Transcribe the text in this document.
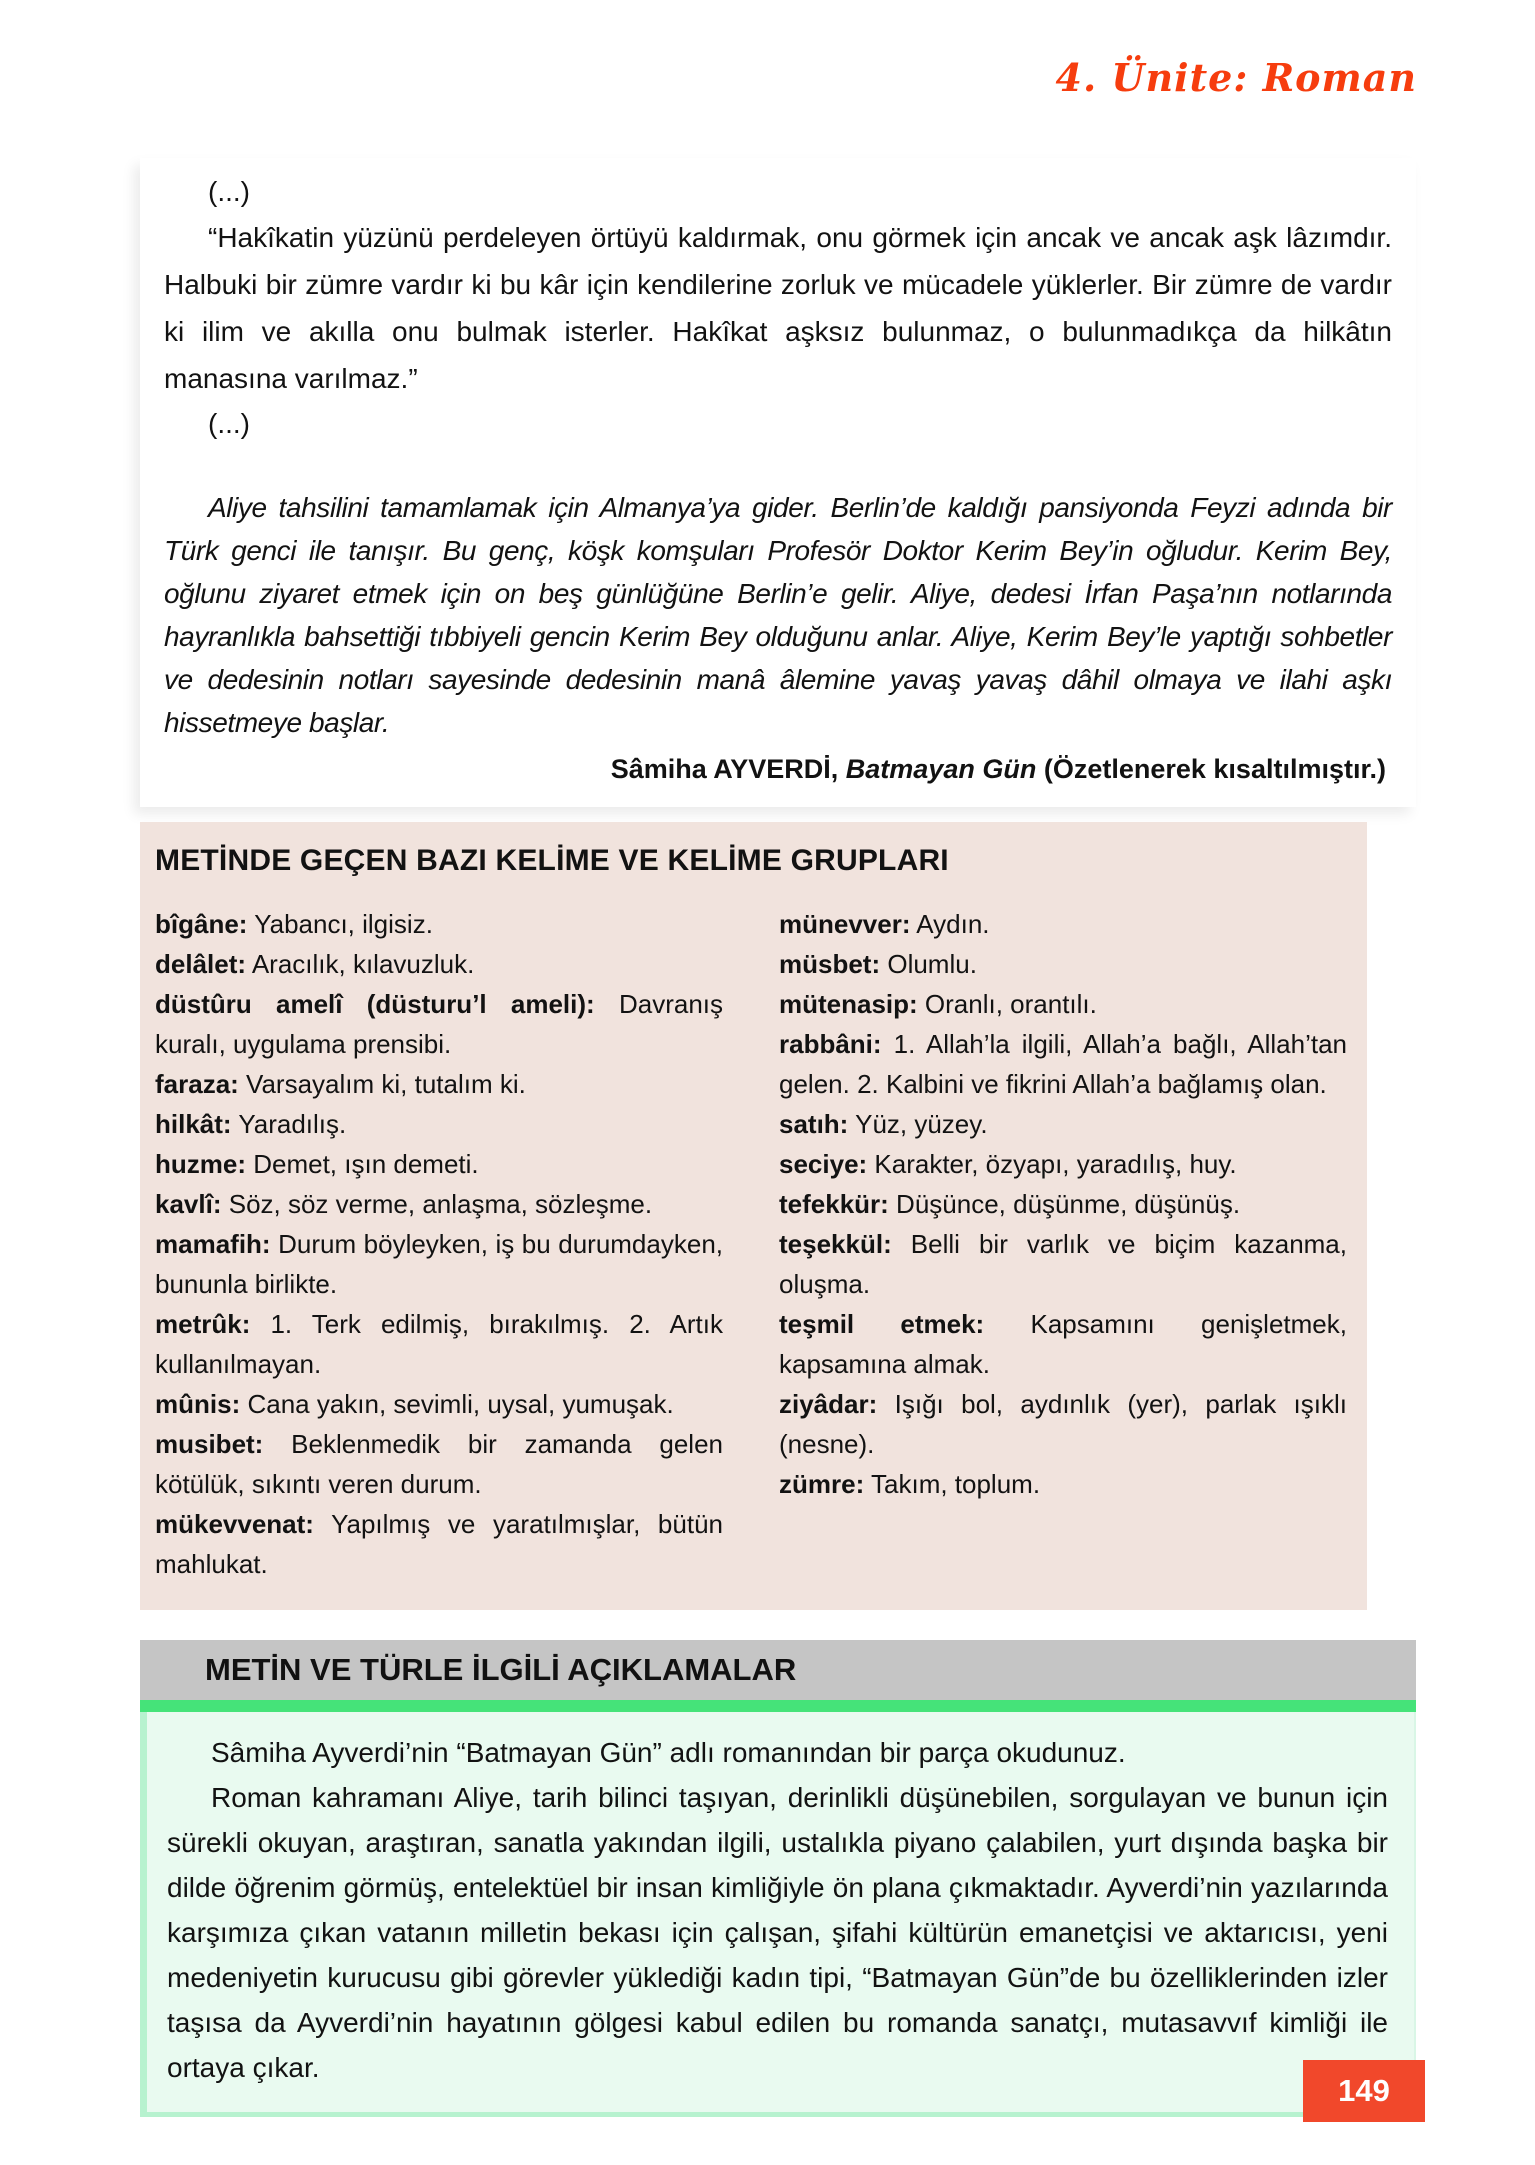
4. Ünite: Roman

(...)

“Hakîkatin yüzünü perdeleyen örtüyü kaldırmak, onu görmek için ancak ve ancak aşk lâzımdır. Halbuki bir zümre vardır ki bu kâr için kendilerine zorluk ve mücadele yüklerler. Bir zümre de vardır ki ilim ve akılla onu bulmak isterler. Hakîkat aşksız bulunmaz, o bulunmadıkça da hilkâtın manasına varılmaz.”

(...)

Aliye tahsilini tamamlamak için Almanya’ya gider. Berlin’de kaldığı pansiyonda Feyzi adında bir Türk genci ile tanışır. Bu genç, köşk komşuları Profesör Doktor Kerim Bey’in oğludur. Kerim Bey, oğlunu ziyaret etmek için on beş günlüğüne Berlin’e gelir. Aliye, dedesi İrfan Paşa’nın notlarında hayranlıkla bahsettiği tıbbiyeli gencin Kerim Bey olduğunu anlar. Aliye, Kerim Bey’le yaptığı sohbetler ve dedesinin notları sayesinde dedesinin manâ âlemine yavaş yavaş dâhil olmaya ve ilahi aşkı hissetmeye başlar.

Sâmiha AYVERDİ, Batmayan Gün (Özetlenerek kısaltılmıştır.)

METİNDE GEÇEN BAZI KELİME VE KELİME GRUPLARI

bîgâne: Yabancı, ilgisiz.

delâlet: Aracılık, kılavuzluk.

düstûru amelî (düsturu’l ameli): Davranış kuralı, uygulama prensibi.

faraza: Varsayalım ki, tutalım ki.

hilkât: Yaradılış.

huzme: Demet, ışın demeti.

kavlî: Söz, söz verme, anlaşma, sözleşme.

mamafih: Durum böyleyken, iş bu durumdayken, bununla birlikte.

metrûk: 1. Terk edilmiş, bırakılmış. 2. Artık kullanılmayan.

mûnis: Cana yakın, sevimli, uysal, yumuşak.

musibet: Beklenmedik bir zamanda gelen kötülük, sıkıntı veren durum.

mükevvenat: Yapılmış ve yaratılmışlar, bütün mahlukat.

münevver: Aydın.

müsbet: Olumlu.

mütenasip: Oranlı, orantılı.

rabbâni: 1. Allah’la ilgili, Allah’a bağlı, Allah’tan gelen. 2. Kalbini ve fikrini Allah’a bağlamış olan.

satıh: Yüz, yüzey.

seciye: Karakter, özyapı, yaradılış, huy.

tefekkür: Düşünce, düşünme, düşünüş.

teşekkül: Belli bir varlık ve biçim kazanma, oluşma.

teşmil etmek: Kapsamını genişletmek, kapsamına almak.

ziyâdar: Işığı bol, aydınlık (yer), parlak ışıklı (nesne).

zümre: Takım, toplum.

METİN VE TÜRLE İLGİLİ AÇIKLAMALAR

Sâmiha Ayverdi’nin “Batmayan Gün” adlı romanından bir parça okudunuz.

Roman kahramanı Aliye, tarih bilinci taşıyan, derinlikli düşünebilen, sorgulayan ve bunun için sürekli okuyan, araştıran, sanatla yakından ilgili, ustalıkla piyano çalabilen, yurt dışında başka bir dilde öğrenim görmüş, entelektüel bir insan kimliğiyle ön plana çıkmaktadır. Ayverdi’nin yazılarında karşımıza çıkan vatanın milletin bekası için çalışan, şifahi kültürün emanetçisi ve aktarıcısı, yeni medeniyetin kurucusu gibi görevler yüklediği kadın tipi, “Batmayan Gün”de bu özelliklerinden izler taşısa da Ayverdi’nin hayatının gölgesi kabul edilen bu romanda sanatçı, mutasavvıf kimliği ile ortaya çıkar.

149
